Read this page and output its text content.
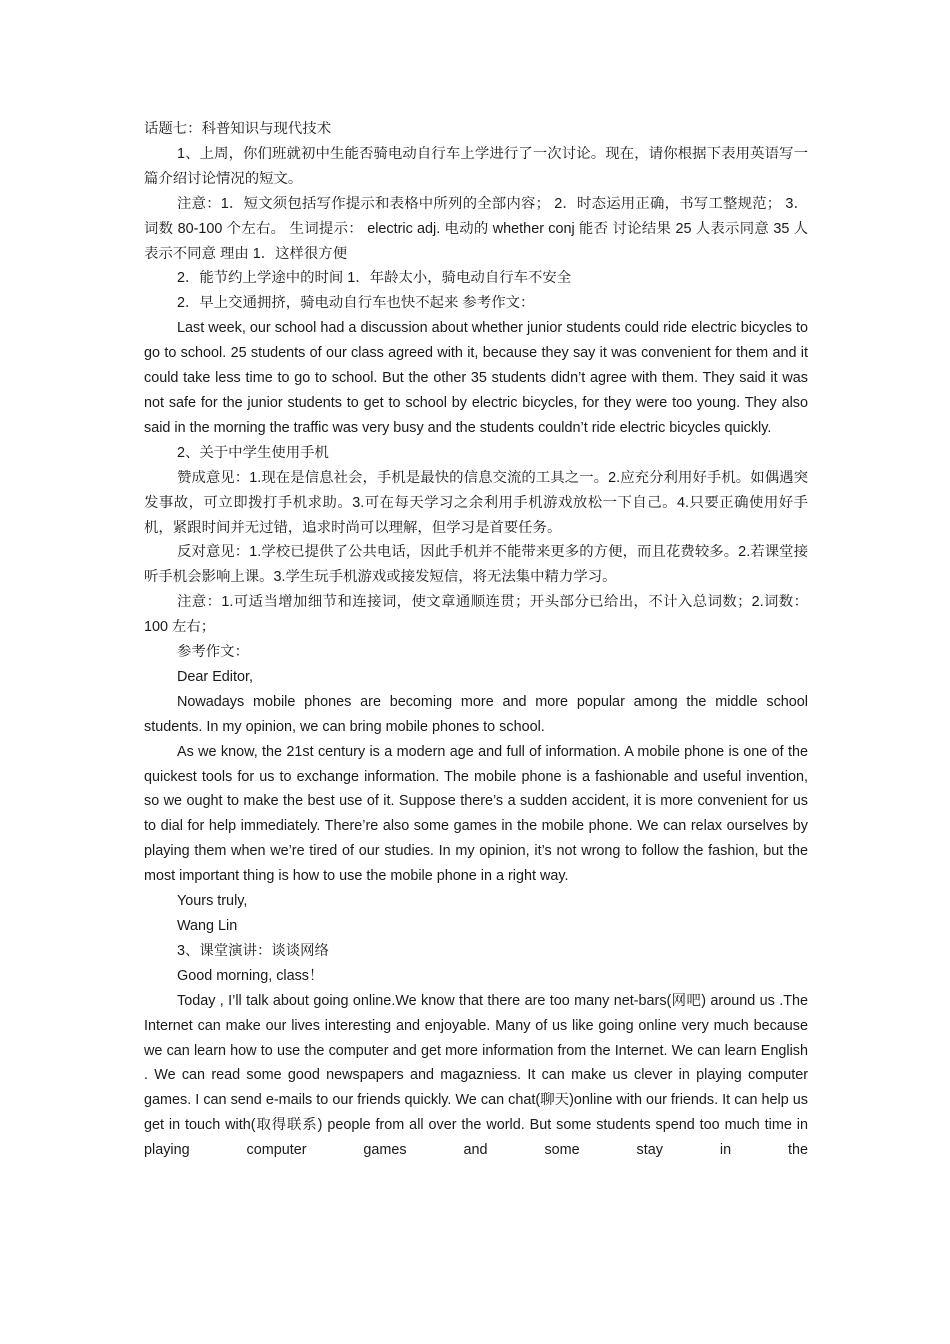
话题七：科普知识与现代技术

1、上周，你们班就初中生能否骑电动自行车上学进行了一次讨论。现在，请你根据下表用英语写一篇介绍讨论情况的短文。

注意：1．短文须包括写作提示和表格中所列的全部内容； 2．时态运用正确，书写工整规范； 3．词数 80-100 个左右。 生词提示： electric adj. 电动的 whether conj 能否 讨论结果 25 人表示同意 35 人表示不同意 理由 1．这样很方便

2．能节约上学途中的时间 1．年龄太小，骑电动自行车不安全

2．早上交通拥挤，骑电动自行车也快不起来 参考作文：

Last week, our school had a discussion about whether junior students could ride electric bicycles to go to school. 25 students of our class agreed with it, because they say it was convenient for them and it could take less time to go to school. But the other 35 students didn’t agree with them. They said it was not safe for the junior students to get to school by electric bicycles, for they were too young. They also said in the morning the traffic was very busy and the students couldn’t ride electric bicycles quickly.

2、关于中学生使用手机

赞成意见：1.现在是信息社会，手机是最快的信息交流的工具之一。2.应充分利用好手机。如偶遇突发事故，可立即拨打手机求助。3.可在每天学习之余利用手机游戏放松一下自己。4.只要正确使用好手机，紧跟时间并无过错，追求时尚可以理解，但学习是首要任务。

反对意见：1.学校已提供了公共电话，因此手机并不能带来更多的方便，而且花费较多。2.若课堂接听手机会影响上课。3.学生玩手机游戏或接发短信，将无法集中精力学习。

注意：1.可适当增加细节和连接词，使文章通顺连贯；开头部分已给出，不计入总词数；2.词数：100 左右；

参考作文：

Dear Editor,

Nowadays mobile phones are becoming more and more popular among the middle school students. In my opinion, we can bring mobile phones to school.

As we know, the 21st century is a modern age and full of information. A mobile phone is one of the quickest tools for us to exchange information. The mobile phone is a fashionable and useful invention, so we ought to make the best use of it. Suppose there’s a sudden accident, it is more convenient for us to dial for help immediately. There’re also some games in the mobile phone. We can relax ourselves by playing them when we’re tired of our studies. In my opinion, it’s not wrong to follow the fashion, but the most important thing is how to use the mobile phone in a right way.

Yours truly,

Wang Lin

3、课堂演讲：谈谈网络

Good morning, class！

Today , I’ll talk about going online.We know that there are too many net-bars(网吧) around us .The Internet can make our lives interesting and enjoyable. Many of us like going online very much because we can learn how to use the computer and get more information from the Internet. We can learn English . We can read some good newspapers and magazniess. It can make us clever in playing computer games. I can send e-mails to our friends quickly. We can chat(聊天)online with our friends. It can help us get in touch with(取得联系) people from all over the world. But some students spend too much time in playing computer games and some stay in the
